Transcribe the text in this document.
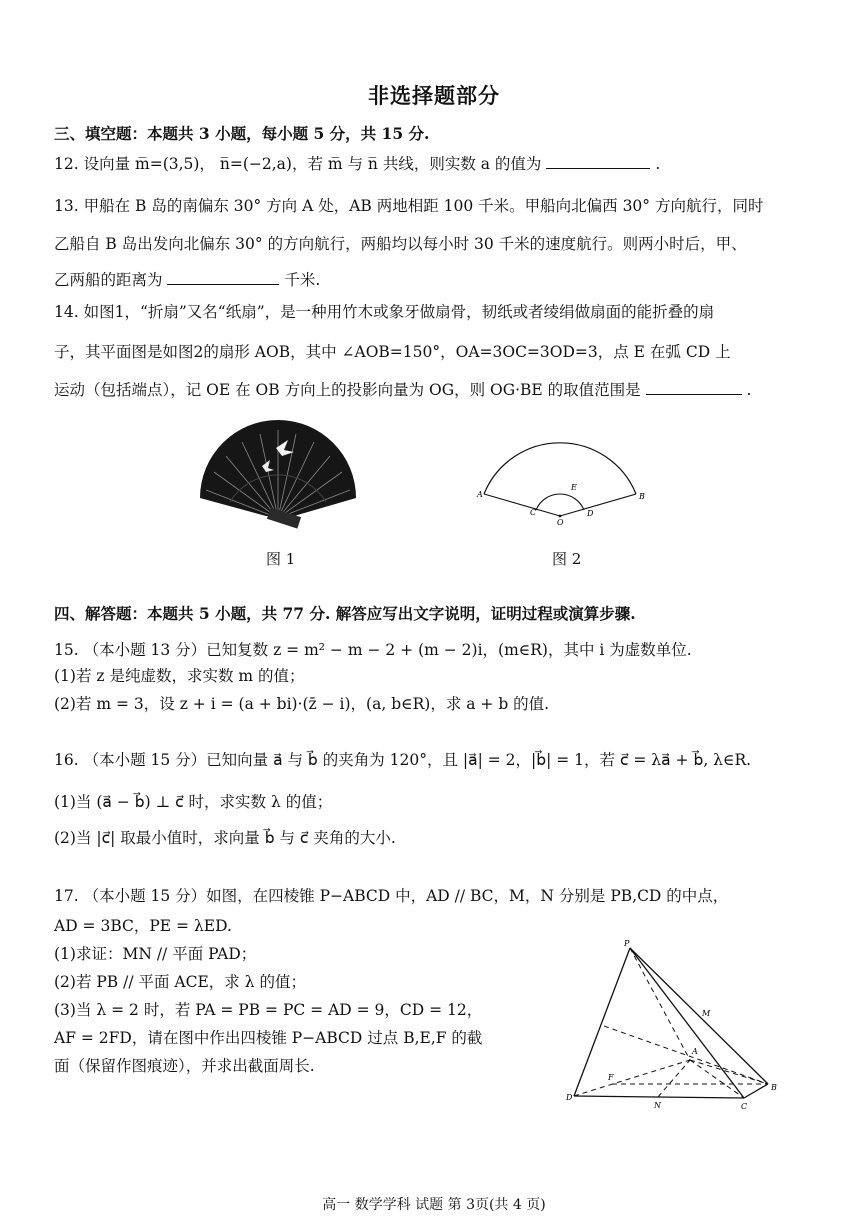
非选择题部分
三、填空题：本题共 3 小题，每小题 5 分，共 15 分.
12. 设向量 m̅=(3,5)， n̅=(−2,a)，若 m̅ 与 n̅ 共线，则实数 a 的值为	.
13. 甲船在 B 岛的南偏东 30° 方向 A 处，AB 两地相距 100 千米。甲船向北偏西 30° 方向航行，同时
乙船自 B 岛出发向北偏东 30° 的方向航行，两船均以每小时 30 千米的速度航行。则两小时后，甲、
乙两船的距离为	千米.
14. 如图1，“折扇”又名“纸扇”，是一种用竹木或象牙做扇骨，韧纸或者绫绢做扇面的能折叠的扇
子，其平面图是如图2的扇形 AOB，其中 ∠AOB=150°，OA=3OC=3OD=3，点 E 在弧 CD 上
运动（包括端点），记 OE 在 OB 方向上的投影向量为 OG，则 OG·BE 的取值范围是	.
A	B
C	D
E
O
图 1	图 2
四、解答题：本题共 5 小题，共 77 分. 解答应写出文字说明，证明过程或演算步骤.
15. （本小题 13 分）已知复数 z = m² − m − 2 + (m − 2)i，(m∈R)，其中 i 为虚数单位.
(1)若 z 是纯虚数，求实数 m 的值；
(2)若 m = 3，设 z + i = (a + bi)·(z̄ − i)，(a, b∈R)，求 a + b 的值.
16. （本小题 15 分）已知向量 a⃗ 与 b⃗ 的夹角为 120°，且 |a⃗| = 2，|b⃗| = 1，若 c⃗ = λa⃗ + b⃗, λ∈R.
(1)当 (a⃗ − b⃗) ⊥ c⃗ 时，求实数 λ 的值；
(2)当 |c⃗| 取最小值时，求向量 b⃗ 与 c⃗ 夹角的大小.
17. （本小题 15 分）如图，在四棱锥 P−ABCD 中，AD // BC，M，N 分别是 PB,CD 的中点，
AD = 3BC，PE = λED.
(1)求证：MN // 平面 PAD；
(2)若 PB // 平面 ACE，求 λ 的值；
(3)当 λ = 2 时，若 PA = PB = PC = AD = 9，CD = 12，
AF = 2FD，请在图中作出四棱锥 P−ABCD 过点 B,E,F 的截
面（保留作图痕迹），并求出截面周长.
P
M
A
F
D
N	C
B
高一 数学学科 试题 第 3页(共 4 页)
